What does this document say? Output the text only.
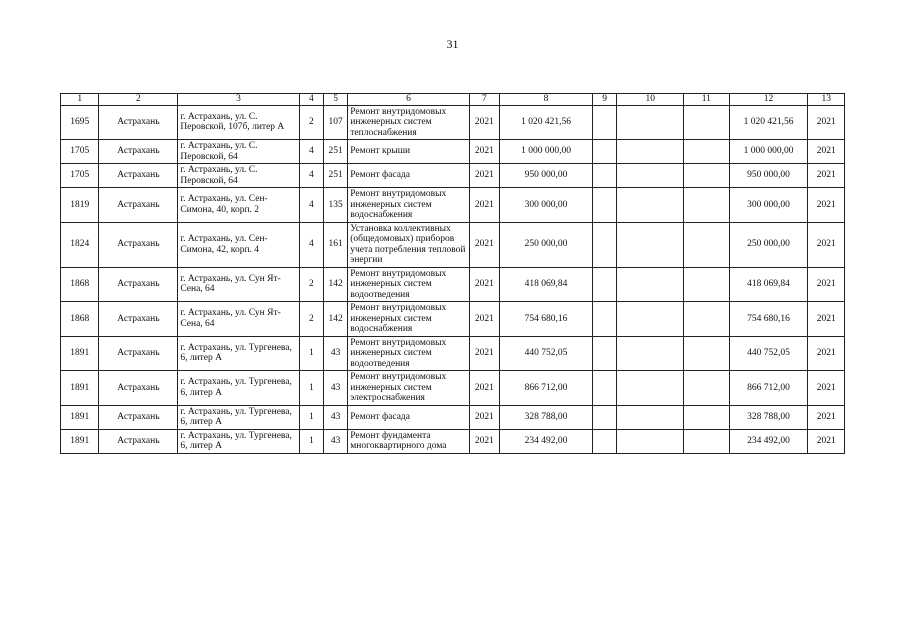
31
1	2	3	4	5	6	7	8	9	10	11	12	13
1695	Астрахань	г. Астрахань, ул. С. Перовской, 107б, литер А	2	107	Ремонт внутридомовых инженерных систем теплоснабжения	2021	1 020 421,56				1 020 421,56	2021
1705	Астрахань	г. Астрахань, ул. С. Перовской, 64	4	251	Ремонт крыши	2021	1 000 000,00				1 000 000,00	2021
1705	Астрахань	г. Астрахань, ул. С. Перовской, 64	4	251	Ремонт фасада	2021	950 000,00				950 000,00	2021
1819	Астрахань	г. Астрахань, ул. Сен-Симона, 40, корп. 2	4	135	Ремонт внутридомовых инженерных систем водоснабжения	2021	300 000,00				300 000,00	2021
1824	Астрахань	г. Астрахань, ул. Сен-Симона, 42, корп. 4	4	161	Установка коллективных (общедомовых) приборов учета потребления тепловой энергии	2021	250 000,00				250 000,00	2021
1868	Астрахань	г. Астрахань, ул. Сун Ят-Сена, 64	2	142	Ремонт внутридомовых инженерных систем водоотведения	2021	418 069,84				418 069,84	2021
1868	Астрахань	г. Астрахань, ул. Сун Ят-Сена, 64	2	142	Ремонт внутридомовых инженерных систем водоснабжения	2021	754 680,16				754 680,16	2021
1891	Астрахань	г. Астрахань, ул. Тургенева, 6, литер А	1	43	Ремонт внутридомовых инженерных систем водоотведения	2021	440 752,05				440 752,05	2021
1891	Астрахань	г. Астрахань, ул. Тургенева, 6, литер А	1	43	Ремонт внутридомовых инженерных систем электроснабжения	2021	866 712,00				866 712,00	2021
1891	Астрахань	г. Астрахань, ул. Тургенева, 6, литер А	1	43	Ремонт фасада	2021	328 788,00				328 788,00	2021
1891	Астрахань	г. Астрахань, ул. Тургенева, 6, литер А	1	43	Ремонт фундамента многоквартирного дома	2021	234 492,00				234 492,00	2021
